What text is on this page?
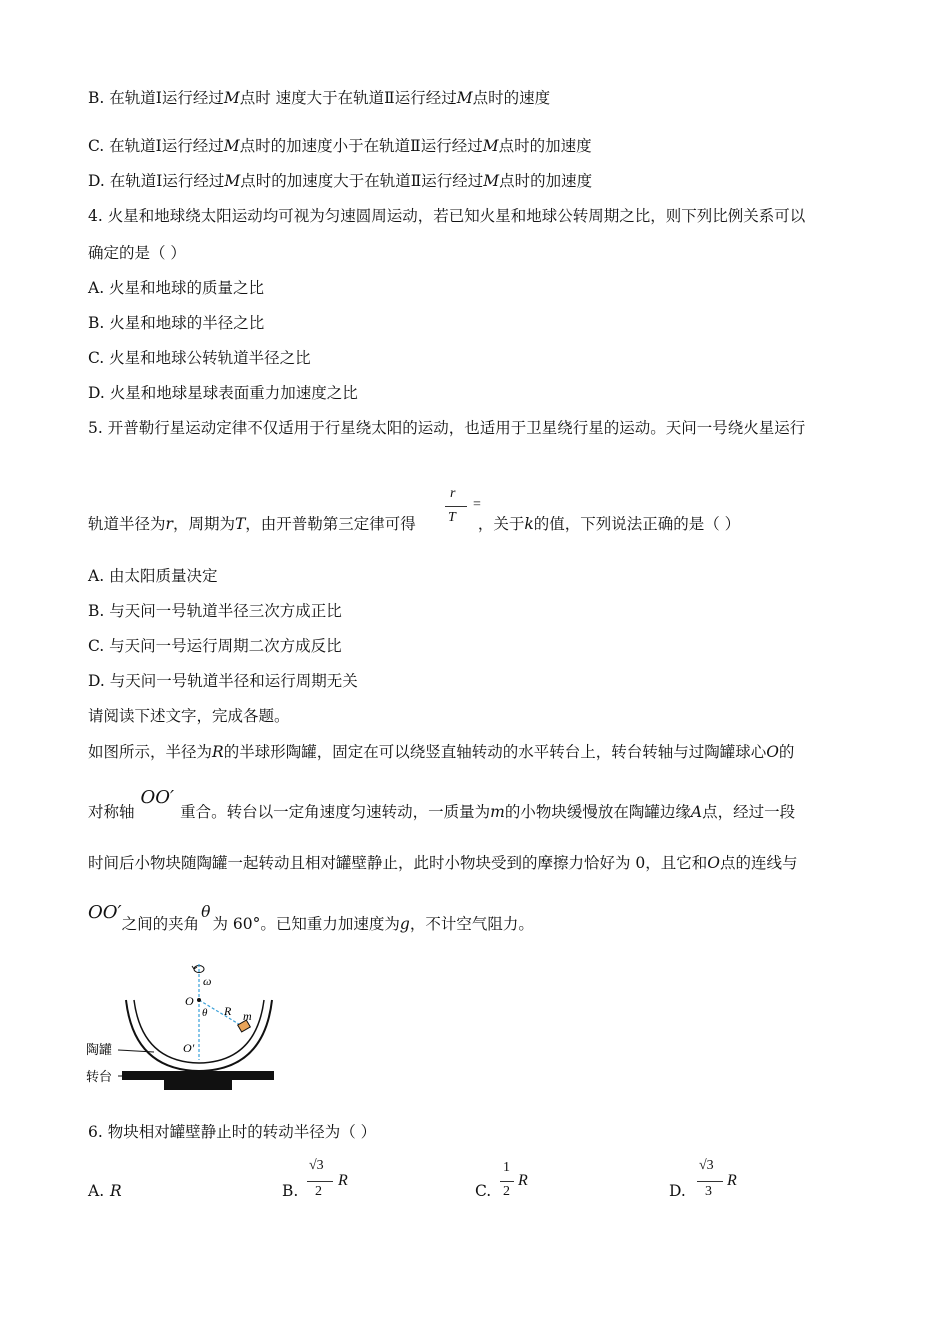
B. 在轨道Ⅰ运行经过M点时 速度大于在轨道Ⅱ运行经过M点时的速度
C. 在轨道Ⅰ运行经过M点时的加速度小于在轨道Ⅱ运行经过M点时的加速度
D. 在轨道Ⅰ运行经过M点时的加速度大于在轨道Ⅱ运行经过M点时的加速度
4. 火星和地球绕太阳运动均可视为匀速圆周运动，若已知火星和地球公转周期之比，则下列比例关系可以
确定的是（ ）
A. 火星和地球的质量之比
B. 火星和地球的半径之比
C. 火星和地球公转轨道半径之比
D. 火星和地球星球表面重力加速度之比
5. 开普勒行星运动定律不仅适用于行星绕太阳的运动，也适用于卫星绕行星的运动。天问一号绕火星运行
轨道半径为r，周期为T，由开普勒第三定律可得	，关于k的值，下列说法正确的是（ ）
r
T
=
A. 由太阳质量决定
B. 与天问一号轨道半径三次方成正比
C. 与天问一号运行周期二次方成反比
D. 与天问一号轨道半径和运行周期无关
请阅读下述文字，完成各题。
如图所示，半径为R的半球形陶罐，固定在可以绕竖直轴转动的水平转台上，转台转轴与过陶罐球心O的
对称轴OO′重合。转台以一定角速度匀速转动，一质量为m的小物块缓慢放在陶罐边缘A点，经过一段
时间后小物块随陶罐一起转动且相对罐壁静止，此时小物块受到的摩擦力恰好为 0，且它和O点的连线与
OO′之间的夹角θ为 60°。已知重力加速度为g，不计空气阻力。
ω
O
R
θ	m
O′
陶罐
转台
6. 物块相对罐壁静止时的转动半径为（ ）
A. R	B.
√3
2
R
C.
1
2
R
D.
√3
3
R
